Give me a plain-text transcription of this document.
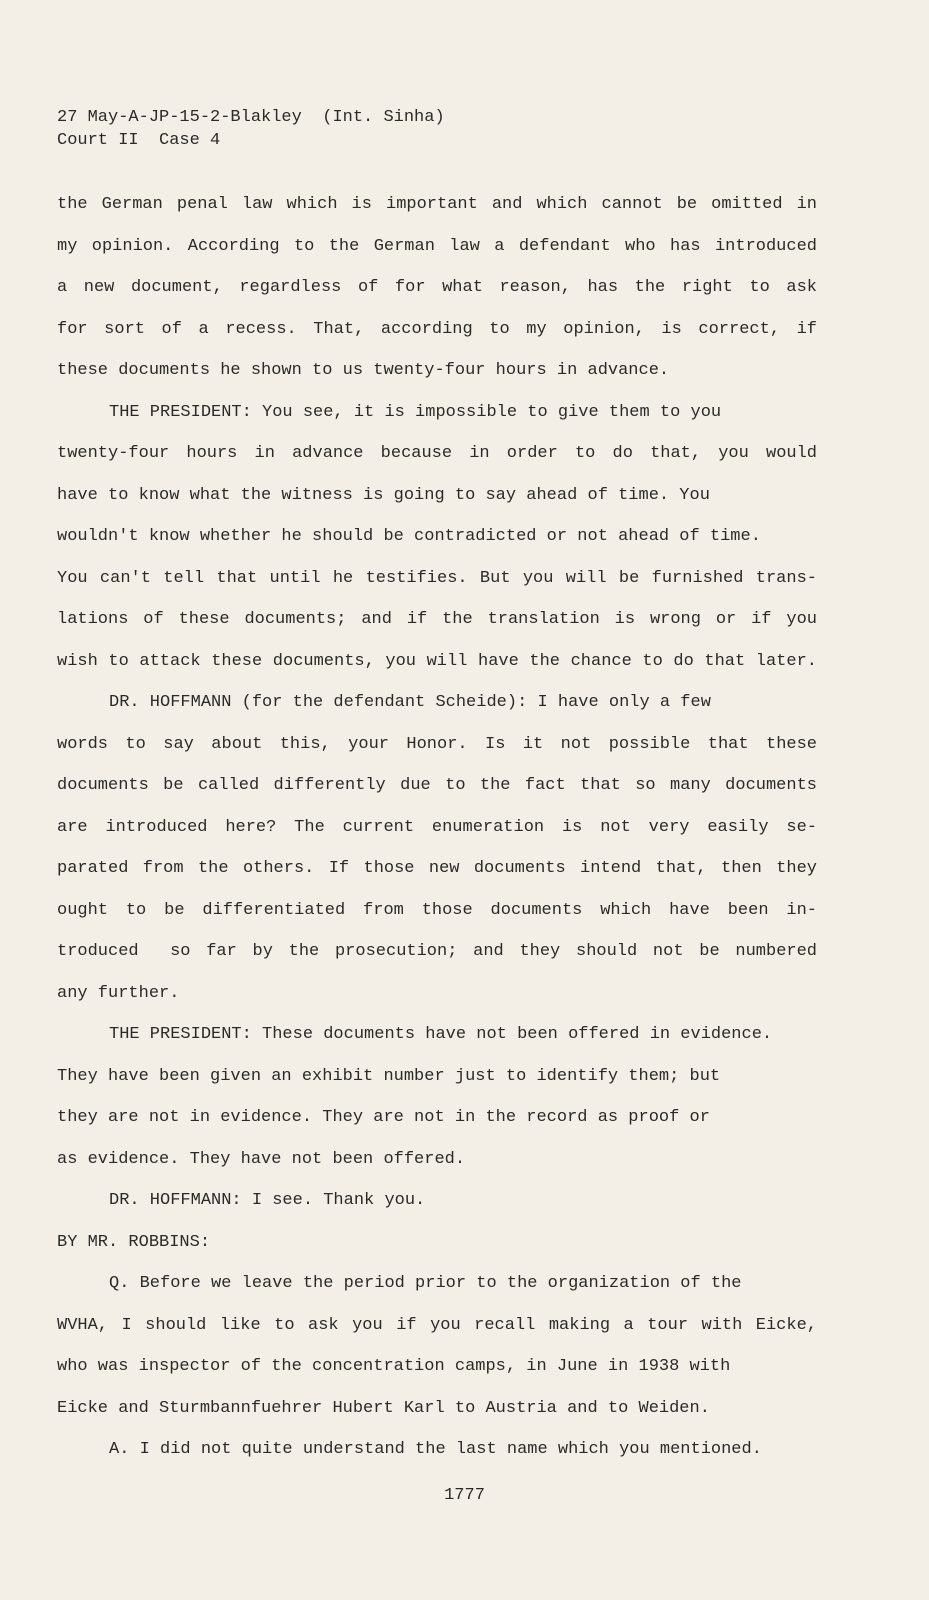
27 May-A-JP-15-2-Blakley  (Int. Sinha)
Court II  Case 4
the German penal law which is important and which cannot be omitted in
my opinion. According to the German law a defendant who has introduced
a new document, regardless of for what reason, has the right to ask
for sort of a recess. That, according to my opinion, is correct, if
these documents he shown to us twenty-four hours in advance.
THE PRESIDENT: You see, it is impossible to give them to you
twenty-four hours in advance because in order to do that, you would
have to know what the witness is going to say ahead of time. You
wouldn't know whether he should be contradicted or not ahead of time.
You can't tell that until he testifies. But you will be furnished trans-
lations of these documents; and if the translation is wrong or if you
wish to attack these documents, you will have the chance to do that later.
DR. HOFFMANN (for the defendant Scheide): I have only a few
words to say about this, your Honor. Is it not possible that these
documents be called differently due to the fact that so many documents
are introduced here? The current enumeration is not very easily se-
parated from the others. If those new documents intend that, then they
ought to be differentiated from those documents which have been in-
troduced  so far by the prosecution; and they should not be numbered
any further.
THE PRESIDENT: These documents have not been offered in evidence.
They have been given an exhibit number just to identify them; but
they are not in evidence. They are not in the record as proof or
as evidence. They have not been offered.
DR. HOFFMANN: I see. Thank you.
BY MR. ROBBINS:
Q. Before we leave the period prior to the organization of the
WVHA, I should like to ask you if you recall making a tour with Eicke,
who was inspector of the concentration camps, in June in 1938 with
Eicke and Sturmbannfuehrer Hubert Karl to Austria and to Weiden.
A. I did not quite understand the last name which you mentioned.
1777
